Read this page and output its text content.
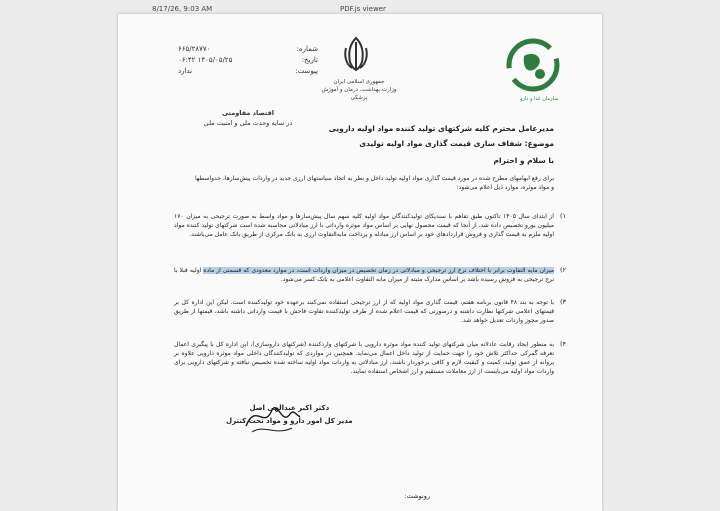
8/17/26, 9:03 AM	PDF.js viewer
شماره:
۶۶۵/۲۸۷۷۰
تاریخ:
۱۴۰۵/۰۵/۲۵ ۰۶:۴۲
پیوست:
ندارد
اقتصاد مقاومتی
در سایه وحدت ملی و امنیت ملی
جمهوری اسلامی ایران
وزارت بهداشت، درمان و آموزش پزشکی	سازمان غذا و دارو
مدیرعامل محترم کلیه شرکتهای تولید کننده مواد اولیه دارویی
موضوع: شفاف سازی قیمت گذاری مواد اولیه تولیدی
با سلام و احترام
برای رفع ابهامهای مطرح شده در مورد قیمت گذاری مواد اولیه تولید داخل و نظر به اتخاذ سیاستهای ارزی جدید در واردات پیش‌سازها، حدواسطها و مواد موثره، موارد ذیل اعلام می‌شود:
۱)
از ابتدای سال ۱۴۰۵ تاکنون طبق تفاهم با سندیکای تولیدکنندگان مواد اولیه کلیه سهم سال پیش‌سازها و مواد واسط به صورت ترجیحی به میزان ۱۷۰ میلیون یورو تخصیص داده شد، از آنجا که قیمت محصول نهایی بر اساس مواد موثره وارداتی با ارز مبادلاتی محاسبه شده است شرکتهای تولید کننده مواد اولیه ملزم به قیمت گذاری و فروش قراردادهای خود بر اساس ارز مبادله و پرداخت مابه‌التفاوت ارزی به بانک مرکزی از طریق بانک عامل می‌باشند.
۲)
میزان مابه التفاوت برابر با اختلاف نرخ ارز ترجیحی و مبادلاتی در زمان تخصیص در میزان واردات است، در موارد معدودی که قسمتی از ماده اولیه قبلا با نرخ ترجیحی به فروش رسیده باشد بر اساس مدارک مثبته از میزان مابه التفاوت اعلامی به بانک کسر می‌شود.
۳)
با توجه به بند ۴۸ قانون برنامه هفتم، قیمت گذاری مواد اولیه که از ارز ترجیحی استفاده نمی‌کنند برعهده خود تولیدکننده است. لیکن این اداره کل بر قیمتهای اعلامی شرکتها نظارت داشته و درصورتی که قیمت اعلام شده از طرف تولیدکننده تفاوت فاحش با قیمت وارداتی داشته باشد، قیمتها از طریق صدور مجوز واردات تعدیل خواهد شد.
۴)
به منظور ایجاد رقابت عادلانه میان شرکتهای تولید کننده مواد موثره دارویی با شرکتهای واردکننده (شرکتهای داروسازی)، این اداره کل با پیگیری اعمال تعرفه گمرکی حداکثر تلاش خود را جهت حمایت از تولید داخل اعمال می‌نماید. همچنین در مواردی که تولیدکنندگان داخلی مواد موثره دارویی علاوه بر پروانه از عمق تولید، کمیت و کیفیت لازم و کافی برخوردار باشند، ارز مبادلاتی به واردات مواد اولیه ساخته شده تخصیص نیافته و شرکتهای دارویی برای واردات مواد اولیه می‌بایست از ارز معاملات مستقیم و ارز اشخاص استفاده نمایند.
دکتر اکبر عبدالهی اصل
مدیر کل امور دارو و مواد تحت کنترل
رونوشت:
